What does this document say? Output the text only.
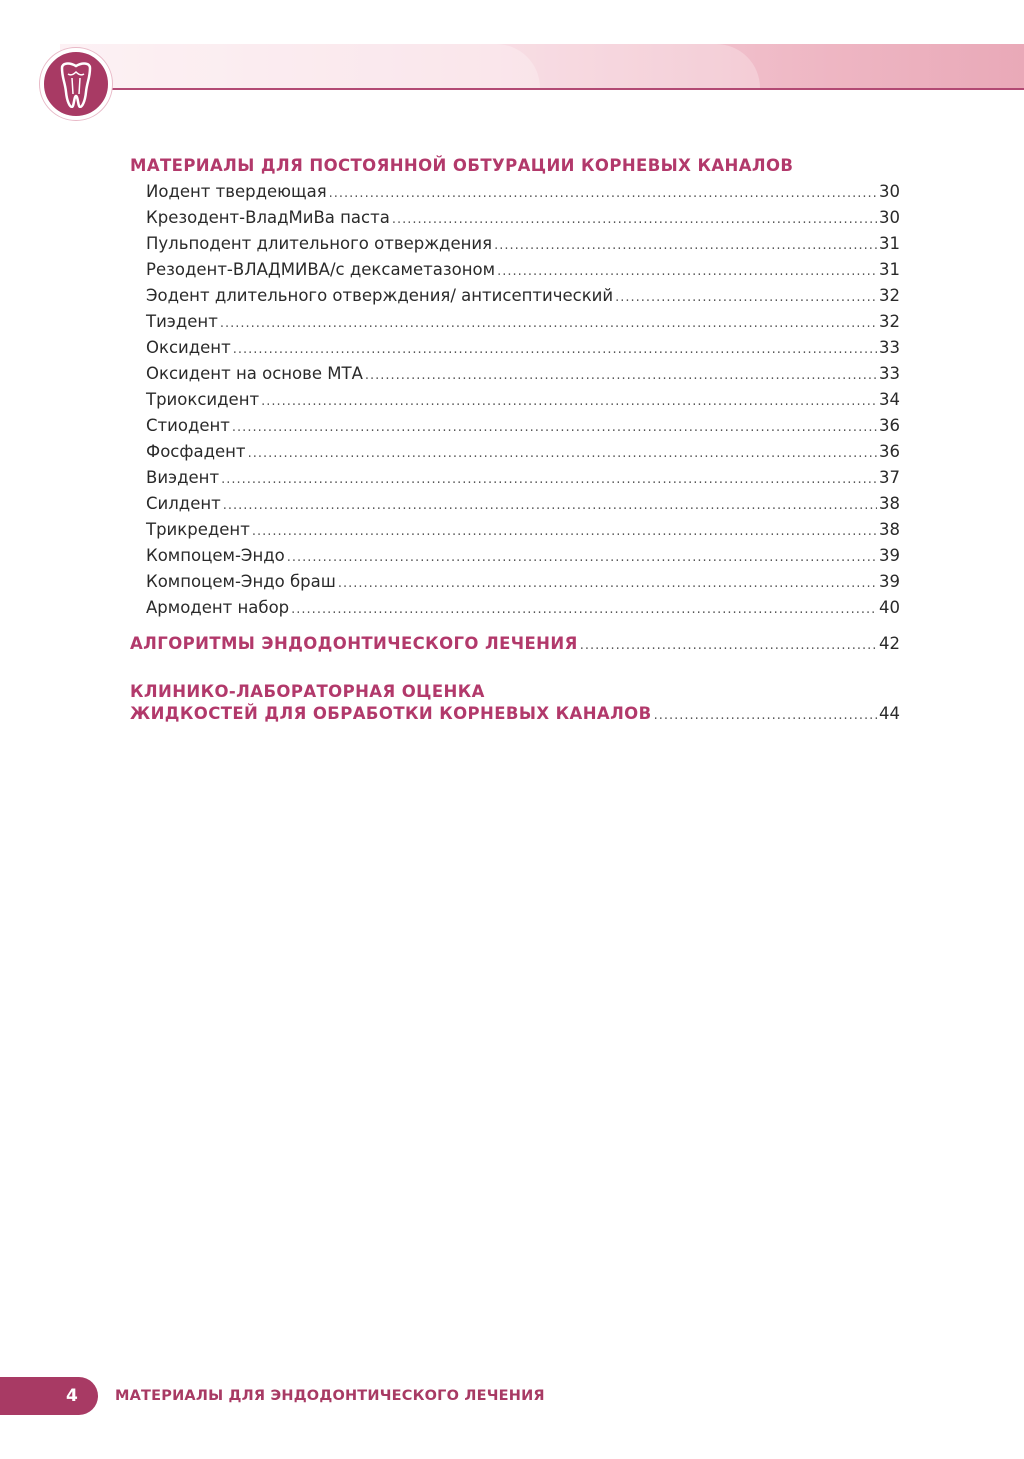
МАТЕРИАЛЫ ДЛЯ ПОСТОЯННОЙ ОБТУРАЦИИ КОРНЕВЫХ КАНАЛОВ
Иодент твердеющая .....	30
Крезодент-ВладМиВа паста .....	30
Пульподент длительного отверждения .....	31
Резодент-ВЛАДМИВА/с дексаметазоном .....	31
Эодент длительного отверждения/ антисептический .....	32
Тиэдент .....	32
Оксидент .....	33
Оксидент на основе МТА .....	33
Триоксидент .....	34
Стиодент .....	36
Фосфадент .....	36
Виэдент .....	37
Силдент .....	38
Трикредент .....	38
Компоцем-Эндо .....	39
Компоцем-Эндо браш .....	39
Армодент набор .....	40
АЛГОРИТМЫ ЭНДОДОНТИЧЕСКОГО ЛЕЧЕНИЯ .....	42
КЛИНИКО-ЛАБОРАТОРНАЯ ОЦЕНКА
ЖИДКОСТЕЙ ДЛЯ ОБРАБОТКИ КОРНЕВЫХ КАНАЛОВ .....	44
4	МАТЕРИАЛЫ ДЛЯ ЭНДОДОНТИЧЕСКОГО ЛЕЧЕНИЯ
